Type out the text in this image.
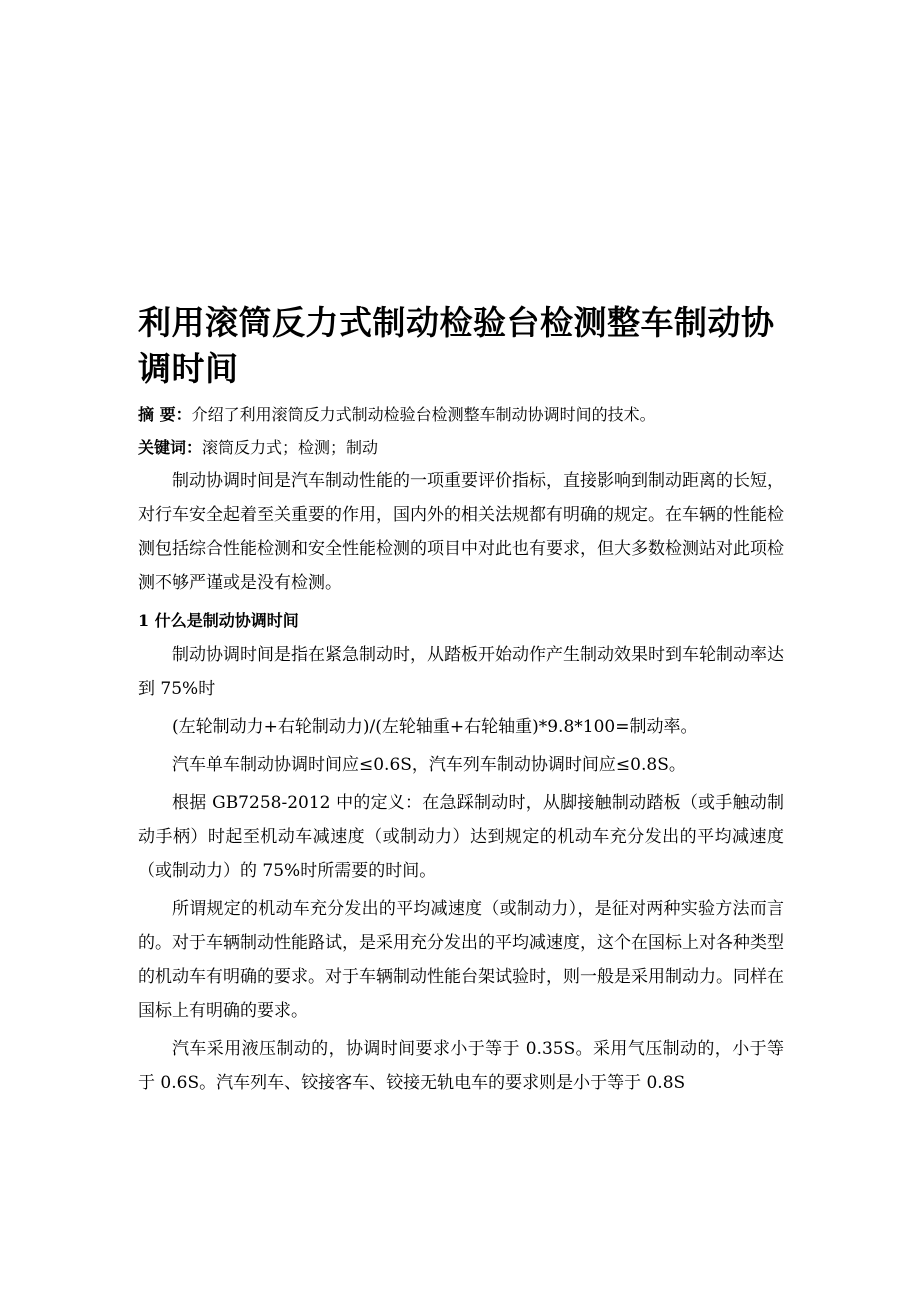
利用滚筒反力式制动检验台检测整车制动协调时间

摘 要：介绍了利用滚筒反力式制动检验台检测整车制动协调时间的技术。

关键词：滚筒反力式；检测；制动

制动协调时间是汽车制动性能的一项重要评价指标，直接影响到制动距离的长短，对行车安全起着至关重要的作用，国内外的相关法规都有明确的规定。在车辆的性能检测包括综合性能检测和安全性能检测的项目中对此也有要求，但大多数检测站对此项检测不够严谨或是没有检测。

1 什么是制动协调时间

制动协调时间是指在紧急制动时，从踏板开始动作产生制动效果时到车轮制动率达到 75%时

(左轮制动力+右轮制动力)/(左轮轴重+右轮轴重)*9.8*100=制动率。

汽车单车制动协调时间应≤0.6S，汽车列车制动协调时间应≤0.8S。

根据 GB7258-2012 中的定义：在急踩制动时，从脚接触制动踏板（或手触动制动手柄）时起至机动车减速度（或制动力）达到规定的机动车充分发出的平均减速度（或制动力）的 75%时所需要的时间。

所谓规定的机动车充分发出的平均减速度（或制动力），是征对两种实验方法而言的。对于车辆制动性能路试，是采用充分发出的平均减速度，这个在国标上对各种类型的机动车有明确的要求。对于车辆制动性能台架试验时，则一般是采用制动力。同样在国标上有明确的要求。

汽车采用液压制动的，协调时间要求小于等于 0.35S。采用气压制动的，小于等于 0.6S。汽车列车、铰接客车、铰接无轨电车的要求则是小于等于 0.8S
